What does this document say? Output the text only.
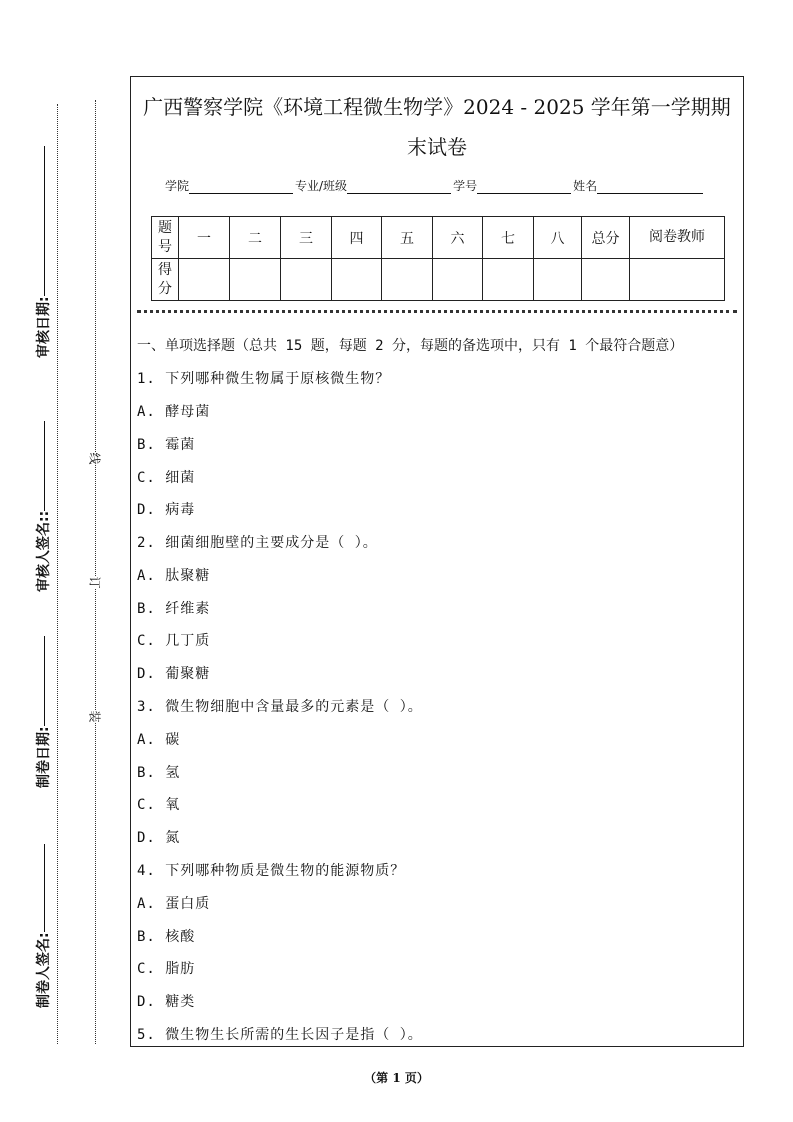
线
订
装
审核日期:
审核人签名::
制卷日期:
制卷人签名:
广西警察学院《环境工程微生物学》2024 - 2025 学年第一学期期
末试卷
学院	专业/班级	学号	姓名
题号	一	二	三	四	五	六	七	八	总分	阅卷教师
得分										
一、单项选择题（总共 15 题，每题 2 分，每题的备选项中，只有 1 个最符合题意）
1. 下列哪种微生物属于原核微生物？
A. 酵母菌
B. 霉菌
C. 细菌
D. 病毒
2. 细菌细胞壁的主要成分是（ ）。
A. 肽聚糖
B. 纤维素
C. 几丁质
D. 葡聚糖
3. 微生物细胞中含量最多的元素是（ ）。
A. 碳
B. 氢
C. 氧
D. 氮
4. 下列哪种物质是微生物的能源物质？
A. 蛋白质
B. 核酸
C. 脂肪
D. 糖类
5. 微生物生长所需的生长因子是指（ ）。
（第 1 页）
